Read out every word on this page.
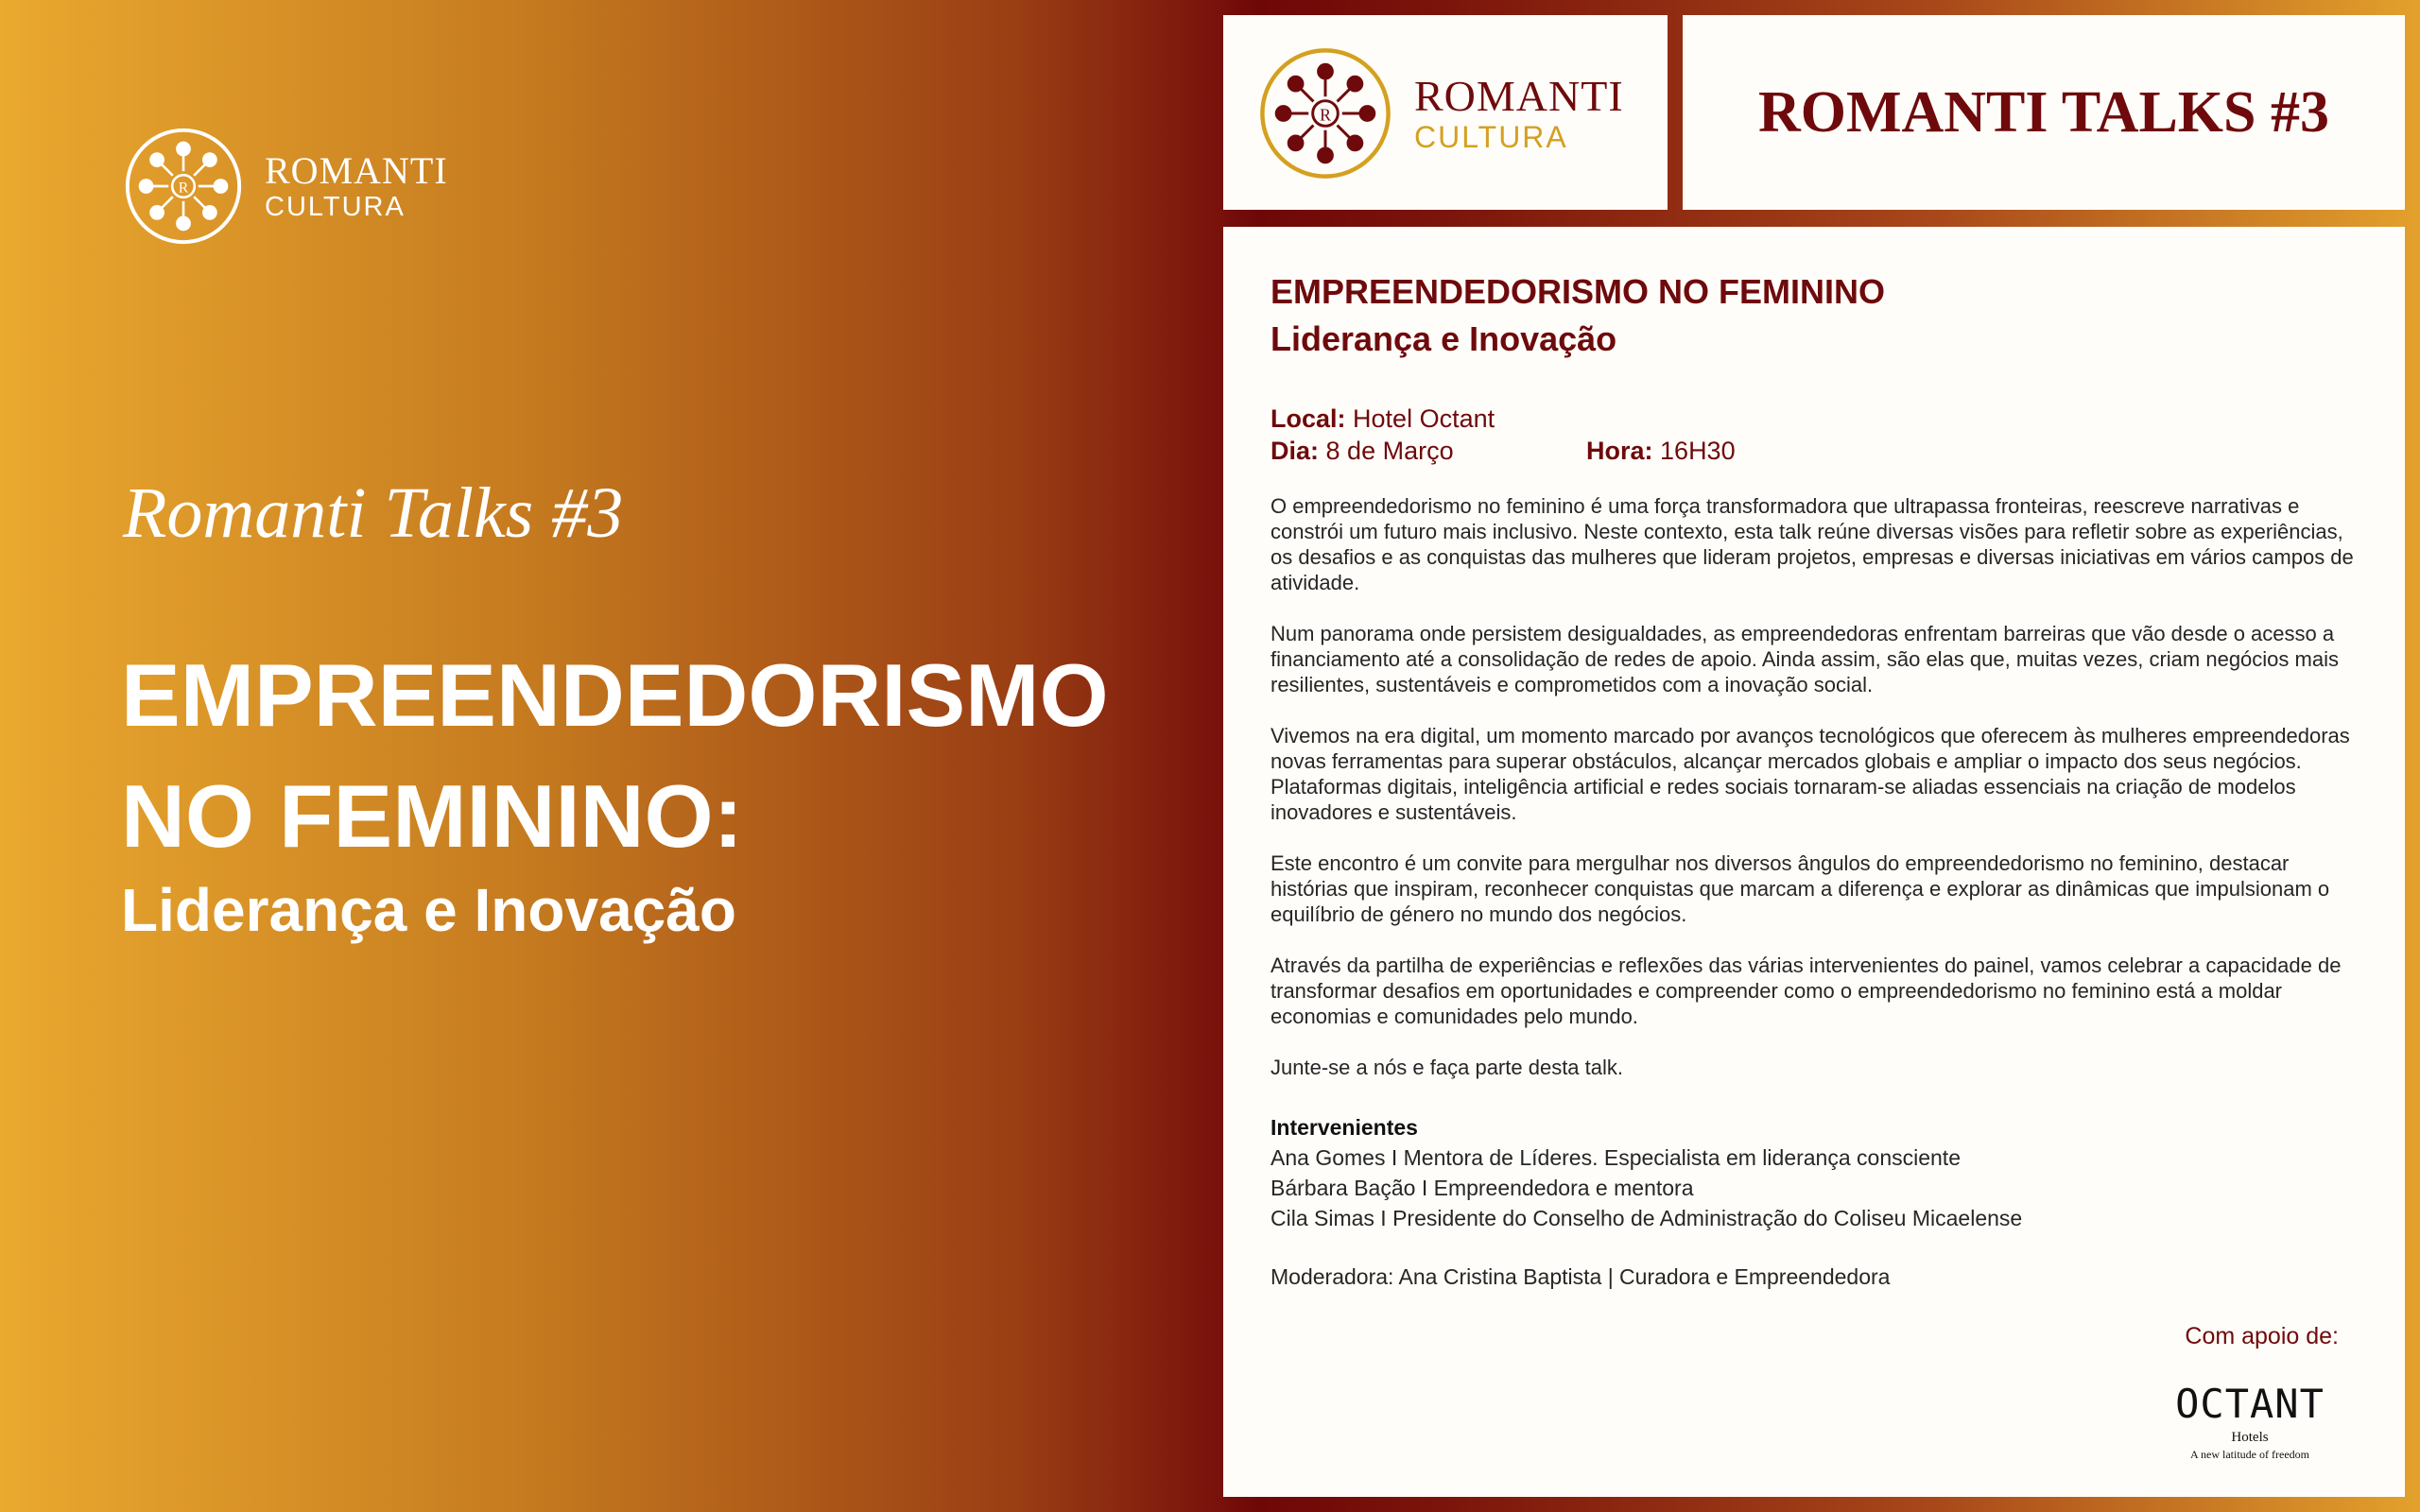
R ROMANTI
CULTURA
Romanti Talks #3
EMPREENDEDORISMO
NO FEMININO:
Liderança e Inovação
R ROMANTI
CULTURA	ROMANTI TALKS #3
EMPREENDEDORISMO NO FEMININO
Liderança e Inovação
Local:
Hotel Octant
Dia: 8 de Março	Hora: 16H30

O empreendedorismo no feminino é uma força transformadora que ultrapassa fronteiras, reescreve narrativas e constrói um futuro mais inclusivo. Neste contexto, esta talk reúne diversas visões para refletir sobre as experiências, os desafios e as conquistas das mulheres que lideram projetos, empresas e diversas iniciativas em vários campos de atividade.

Num panorama onde persistem desigualdades, as empreendedoras enfrentam barreiras que vão desde o acesso a financiamento até a consolidação de redes de apoio. Ainda assim, são elas que, muitas vezes, criam negócios mais resilientes, sustentáveis e comprometidos com a inovação social.

Vivemos na era digital, um momento marcado por avanços tecnológicos que oferecem às mulheres empreendedoras novas ferramentas para superar obstáculos, alcançar mercados globais e ampliar o impacto dos seus negócios. Plataformas digitais, inteligência artificial e redes sociais tornaram-se aliadas essenciais na criação de modelos inovadores e sustentáveis.

Este encontro é um convite para mergulhar nos diversos ângulos do empreendedorismo no feminino, destacar histórias que inspiram, reconhecer conquistas que marcam a diferença e explorar as dinâmicas que impulsionam o equilíbrio de género no mundo dos negócios.

Através da partilha de experiências e reflexões das várias intervenientes do painel, vamos celebrar a capacidade de transformar desafios em oportunidades e compreender como o empreendedorismo no feminino está a moldar economias e comunidades pelo mundo.

Junte-se a nós e faça parte desta talk.

Intervenientes
Ana Gomes I Mentora de Líderes. Especialista em liderança consciente
Bárbara Bação I Empreendedora e mentora
Cila Simas I Presidente do Conselho de Administração do Coliseu Micaelense
Moderadora: Ana Cristina Baptista | Curadora e Empreendedora
Com apoio de:
OCTANT
Hotels
A new latitude of freedom
